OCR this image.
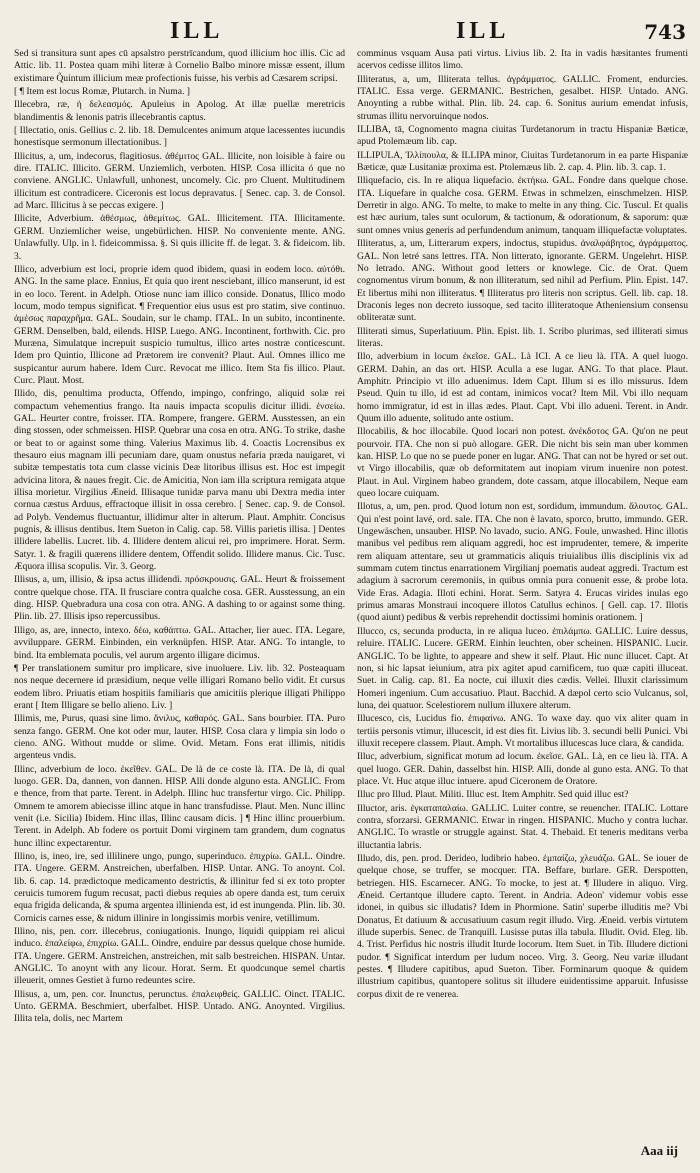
ILL	ILL	743

Sed si transitura sunt apes cū apsalstro perstrīcandum, quod illicium hoc illis. Cic ad Attic. lib. 11. Postea quam mihi literæ à Cornelio Balbo minore missæ essent, illum existimare Q̃uintum illicium meæ profectionis fuisse, his verbis ad Cæsarem scripsi.

[ ¶ Item est locus Romæ, Plutarch. in Numa. ]

Illecebra, ræ, ἡ δελεασμός. Apuleius in Apolog. At illæ puellæ meretricis blandimentis & lenonis patris illecebrantis captus.

[ Illectatio, onis. Gellius c. 2. lib. 18. Demulcentes animum atque lacessentes iucundis honestisque sermonum illectationibus. ]

Illicitus, a, um, indecorus, flagitiosus. ἀθέμιτος GAL. Illicite, non loisible à faire ou dire. ITALIC. Illicito. GERM. Unziemlich, verboten. HISP. Cosa illicita ó que no conviene. ANGLIC. Unlawfull, unhonest, uncomely. Cic. pro Cluent. Multitudinem illicitum est contradicere. Ciceronis est locus depravatus. [ Senec. cap. 3. de Consol. ad Marc. Illicitus à se peccas exigere. ]

Illicite, Adverbium. ἀθέσμως, ἀθεμίτως. GAL. Illicitement. ITA. Illicitamente. GERM. Unziemlicher weise, ungebürlichen. HISP. No conveniente mente. ANG. Unlawfully. Ulp. in l. fideicommissa. §. Si quis illicite ff. de legat. 3. & fideicom. lib. 3.

Illico, adverbium est loci, proprie idem quod ibidem, quasi in eodem loco. αὐτόθι. ANG. In the same place. Ennius, Et quia quo irent nesciebant, illico manserunt, id est in eo loco. Terent. in Adelph. Otiose nunc iam illico conside. Donatus, Illico modo locum, modo tempus significat. ¶ Frequentior eius usus est pro statim, sive continuo. ἀμέσως παραχρῆμα. GAL. Soudain, sur le champ. ITAL. In un subito, incontinente. GERM. Denselben, bald, eilends. HISP. Luego. ANG. Incontinent, forthwith. Cic. pro Muræna, Simulatque increpuit suspicio tumultus, illico artes nostræ conticescunt. Idem pro Quintio, Illicone ad Prætorem ire convenit? Plaut. Aul. Omnes illico me suspicantur aurum habere. Idem Curc. Revocat me illico. Item Sta fis illico. Plaut. Curc. Plaut. Most.

Illido, dis, penultima producta, Offendo, impingo, confringo, aliquid solæ rei compactum vehementius frango. Ita nauis impacta scopulis dicitur illidi. ἐνσείω. GAL. Heurter contre, froisser. ITA. Rompere, frangere. GERM. Ausstessen, an ein ding stossen, oder schmeissen. HISP. Quebrar una cosa en otra. ANG. To strike, dashe or beat to or against some thing. Valerius Maximus lib. 4. Coactis Locrensibus ex thesauro eius magnam illi pecuniam dare, quam onustus nefaria præda nauigaret, vi subitæ tempestatis tota cum classe vicinis Deæ litoribus illisus est. Hoc est impegit advicina litora, & naues fregit. Cic. de Amicitia, Non iam illa scriptura remigata atque illisa morietur. Virgilius Æneid. Illisaque tunidæ parva manu ubi Dextra media inter cornua cæstus Arduus, effractoque illisit in ossa cerebro. [ Senec. cap. 9. de Consol. ad Polyb. Vendemus fluctuantur, illidimur alter in alterum. Plaut. Amphitr. Concisus pugnis, & illisus dentibus. Item Sueton in Calig. cap. 58. Villis parietis illisa. ] Dentes illidere labellis. Lucret. lib. 4. Illidere dentem alicui rei, pro imprimere. Horat. Serm. Satyr. 1. & fragili quærens illidere dentem, Offendit solido. Illidere manus. Cic. Tusc. Æquora illisa scopulis. Vir. 3. Georg.

Illisus, a, um, illisio, & ipsa actus illidendi. πρόσκρουσις. GAL. Heurt & froissement contre quelque chose. ITA. Il frusciare contra qualche cosa. GER. Ausstessung, an ein ding. HISP. Quebradura una cosa con otra. ANG. A dashing to or against some thing. Plin. lib. 27. Illisis ipso repercussibus.

Illigo, as, are, innecto, intexo. δέω, καθάπτω. GAL. Attacher, lier auec. ITA. Legare, avviluppare. GERM. Einbinden, ein verknüpfen. HISP. Atar. ANG. To intangle, to bind. Ita emblemata poculis, vel aurum argento illigare dicimus.

¶ Per translationem sumitur pro implicare, sive inuoluere. Liv. lib. 32. Posteaquam nos neque decernere id præsidium, neque velle illigari Romano bello vidit. Et cursus eodem libro. Priuatis etiam hospitiis familiaris que amicitiis plerique illigati Philippo erant [ Item Illigare se bello alieno. Liv. ]

Illimis, me, Purus, quasi sine limo. ἄνιλυς, καθαρός. GAL. Sans bourbier. ITA. Puro senza fango. GERM. One kot oder mur, lauter. HISP. Cosa clara y limpia sin lodo o cieno. ANG. Without mudde or slime. Ovid. Metam. Fons erat illimis, nitidis argenteus vndis.

Illinc, adverbium de loco. ἐκεῖθεν. GAL. De là de ce coste là. ITA. De là, di qual luogo. GER. Da, dannen, von dannen. HISP. Alli donde alguno esta. ANGLIC. From e thence, from that parte. Terent. in Adelph. Illinc huc transfertur virgo. Cic. Philipp. Omnem te amorem abiecisse illinc atque in hanc transfudisse. Plaut. Men. Nunc illinc venit (i.e. Sicilia) Ibidem. Hinc illas, Illinc causam dicis. ] ¶ Hinc illinc prouerbium. Terent. in Adelph. Ab fodere os portuit Domi virginem tam grandem, dum cognatus hunc illinc expectarentur.

Illino, is, ineo, ire, sed illilinere ungo, pungo, superinduco. ἐπιχρίω. GALL. Oindre. ITA. Ungere. GERM. Anstreichen, uberfalben. HISP. Untar. ANG. To anoynt. Col. lib. 6. cap. 14. prædictoque medicamento destrictis, & illinitur fed si ex toto propter ceruicis tumorem fugum recusat, pacti diebus requies ab opere danda est, tum ceruix equa frigida delicanda, & spuma argentea illinienda est, id est inungenda. Plin. lib. 30. Cornicis carnes esse, & nidum illinire in longissimis morbis venire, vetillimum.

Illino, nis, pen. corr. illecebrus, coniugationis. Inungo, liquidi quippiam rei alicui induco. ἐπαλείφω, ἐπιχρίω. GALL. Oindre, enduire par dessus quelque chose humide. ITA. Ungere. GERM. Anstreichen, anstreichen, mit salb bestreichen. HISPAN. Untar. ANGLIC. To anoynt with any licour. Horat. Serm. Et quodcunque semel chartis illeuerit, omnes Gestiet à furno redeuntes scire.

Illisus, a, um, pen. cor. Inunctus, perunctus. ἐπαλειφθείς. GALLIC. Oinct. ITALIC. Unto. GERMA. Beschmiert, uberfalbet. HISP. Untado. ANG. Anoynted. Virgilius. Illita tela, dolis, nec Martem

comminus vsquam Ausa pati virtus. Livius lib. 2. Ita in vadis hæsitantes frumenti acervos cedisse illitos limo.

Illiteratus, a, um, Illiterata tellus. ἀγράμματος. GALLIC. Froment, endurcies. ITALIC. Essa verge. GERMANIC. Bestrichen, gesalbet. HISP. Untado. ANG. Anoynting a rubbe withal. Plin. lib. 24. cap. 6. Sonitus aurium emendat infusis, strumas illitu nervoruinque nodos.

ILLIBA, tā, Cognomento magna ciuitas Turdetanorum in tractu Hispaniæ Bæticæ, apud Ptolemæum lib. cap.

ILLIPULA, Ἰλλίπουλα, & ILLIPA minor, Ciuitas Turdetanorum in ea parte Hispaniæ Bæticæ, quæ Lusitaniæ proxima est. Ptolemæus lib. 2. cap. 4. Plin. lib. 3. cap. 1.

Illiquefacio, cis. In re aliqua liquefacio. ἐκτήκω. GAL. Fondre dans quelque chose. ITA. Liquefare in qualche cosa. GERM. Etwas in schmelzen, einschmelzen. HISP. Derretir in algo. ANG. To melte, to make to melte in any thing. Cic. Tuscul. Et qualis est hæc aurium, tales sunt oculorum, & tactionum, & odorationum, & saporum: quæ sunt omnes vnius generis ad perfundendum animum, tanquam illiquefactæ voluptates.

Illiteratus, a, um, Litterarum expers, indoctus, stupidus. ἀναλφάβητος, ἀγράμματος. GAL. Non letré sans lettres. ITA. Non litterato, ignorante. GERM. Ungelehrt. HISP. No letrado. ANG. Without good letters or knowlege. Cic. de Orat. Quem cognomentus virum bonum, & non illiteratum, sed nihil ad Perfium. Plin. Epist. 147. Et libertus mihi non illiteratus. ¶ Illiteratus pro literis non scriptus. Gell. lib. cap. 18. Draconis leges non decreto iussoque, sed tacito illiteratoque Atheniensium consensu obliteratæ sunt.

Illiterati simus, Superlatiuum. Plin. Epist. lib. 1. Scribo plurimas, sed illiterati simus literas.

Illo, adverbium in locum ἐκεῖσε. GAL. Là ICI. A ce lieu là. ITA. A quel luogo. GERM. Dahin, an das ort. HISP. Aculla a ese lugar. ANG. To that place. Plaut. Amphitr. Principio vt illo aduenimus. Idem Capt. Illum si es illo missurus. Idem Pseud. Quin tu illo, id est ad contam, inimicos vocat? Item Mil. Vbi illo nequam homo immigratur, id est in illas ædes. Plaut. Capt. Vbi illo adueni. Terent. in Andr. Quum illo aduente, solitudo ante ostium.

Illocabilis, & hoc illocabile. Quod locari non potest. ἀνέκδοτος GA. Qu'on ne peut pourvoir. ITA. Che non si può allogare. GER. Die nicht bis sein man uber kommen kan. HISP. Lo que no se puede poner en lugar. ANG. That can not be hyred or set out. vt Virgo illocabilis, quæ ob deformitatem aut inopiam virum inuenire non potest. Plaut. in Aul. Virginem habeo grandem, dote cassam, atque illocabilem, Neque eam queo locare cuiquam.

Illotus, a, um, pen. prod. Quod lotum non est, sordidum, immundum. ἄλουτος. GAL. Qui n'est point lavé, ord. sale. ITA. Che non è lavato, sporco, brutto, immundo. GER. Ungewäschen, unsauber. HISP. No lavado, sucio. ANG. Foule, unwashed. Hinc illotis manibus vel pedibus rem aliquam aggredi, hoc est imprudenter, temere, & imperite rem aliquam attentare, seu ut grammaticis aliquis triuialibus illis disciplinis vix ad summam cutem tinctus enarrationem Virgilianj poematis audeat aggredi. Tractum est adagium à sacrorum ceremoniis, in quibus omnia pura conuenit esse, & probe lota. Vide Eras. Adagia. Illoti echini. Horat. Serm. Satyra 4. Erucas virides inulas ego primus amaras Monstraui incoquere illotos Catullus echinos. [ Gell. cap. 17. Illotis (quod aiunt) pedibus & verbis reprehendit doctissimi hominis orationem. ]

Illucco, cs, secunda producta, in re aliqua luceo. ἐπιλάμπω. GALLIC. Luire dessus, reluire. ITALIC. Lucere. GERM. Einhin leuchten, ober scheinen. HISPANIC. Lucir. ANGLIC. To be lighte, to appeare and shew it self. Plaut. Hic nunc illucet. Capt. At non, si hic lapsat ieiunium, atra pix agitet apud carnificem, tuo quæ capiti illuceat. Suet. in Calig. cap. 81. Ea nocte, cui illuxit dies cædis. Vellei. Illuxit clarissimum Homeri ingenium. Cum accusatiuo. Plaut. Bacchid. A dæpol certo scio Vulcanus, sol, luna, dei quatuor. Scelestiorem nullum illuxere alterum.

Illucesco, cis, Lucidus fio. ἐπιφαίνω. ANG. To waxe day. quo vix aliter quam in tertiis personis vtimur, illucescit, id est dies fit. Livius lib. 3. secundi belli Punici. Vbi illuxit recepere classem. Plaut. Amph. Vt mortalibus illucescas luce clara, & candida.

Illuc, adverbium, significat motum ad locum. ἐκεῖσε. GAL. Là, en ce lieu là. ITA. A quel luogo. GER. Dahin, dasselbst hin. HISP. Alli, donde al guno esta. ANG. To that place. Vt. Huc atque illuc intuere. apud Ciceronem de Oratore.

Illuc pro Illud. Plaut. Militi. Illuc est. Item Amphitr. Sed quid illuc est?

Illuctor, aris. ἐγκαταπαλαίω. GALLIC. Luiter contre, se reuencher. ITALIC. Lottare contra, sforzarsi. GERMANIC. Etwar in ringen. HISPANIC. Mucho y contra luchar. ANGLIC. To wrastle or struggle against. Stat. 4. Thebaid. Et teneris meditans verba illuctantia labris.

Illudo, dis, pen. prod. Derideo, ludibrio habeo. ἐμπαίζω, χλευάζω. GAL. Se iouer de quelque chose, se truffer, se mocquer. ITA. Beffare, burlare. GER. Derspotten, betriegen. HIS. Escarnecer. ANG. To mocke, to jest at. ¶ Illudere in aliquo. Virg. Æneid. Certantque illudere capto. Terent. in Andria. Adeon' videmur vobis esse idonei, in quibus sic illudatis? Idem in Phormione. Satin' superbe illuditis me? Vbi Donatus, Et datiuum & accusatiuum casum regit illudo. Virg. Æneid. verbis virtutem illude superbis. Senec. de Tranquill. Lusisse putas illa tabula. Illudit. Ovid. Eleg. lib. 4. Trist. Perfidus hic nostris illudit Iturde locorum. Item Suet. in Tib. Illudere dictioni pudor. ¶ Significat interdum per ludum noceo. Virg. 3. Georg. Neu variæ illudant pestes. ¶ Illudere capitibus, apud Sueton. Tiber. Forminarum quoque & quidem illustrium capitibus, quantopere solitus sit illudere euidentissime apparuit. Infusisse corpus dixit de re venerea.

Aaa iij
